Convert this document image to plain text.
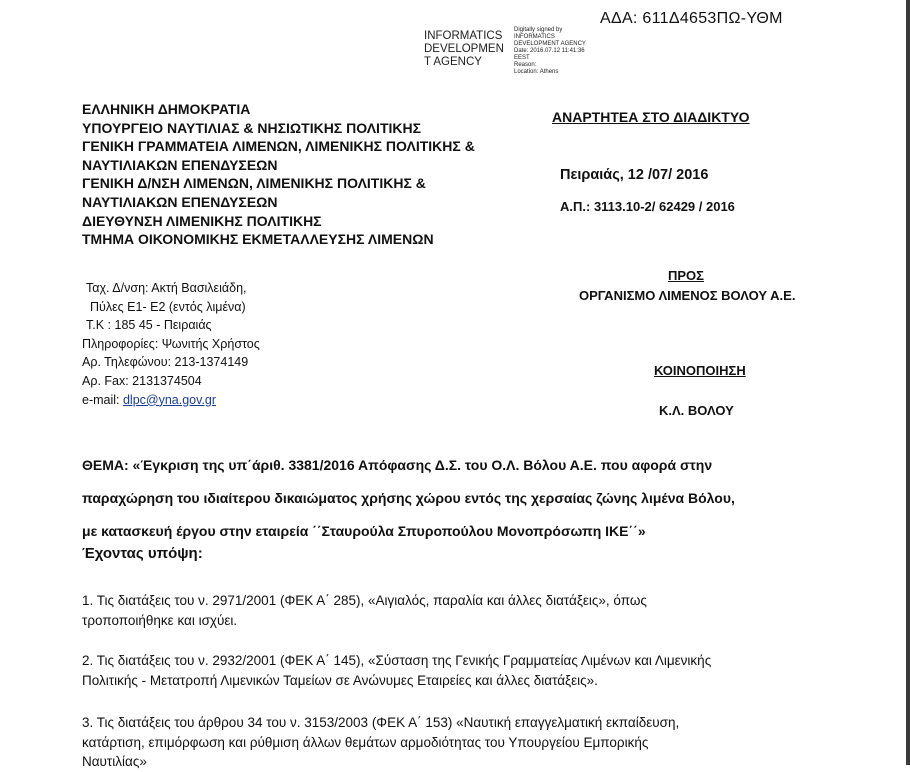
ΑΔΑ: 611Δ4653ΠΩ-ΥΘΜ
INFORMATICS
DEVELOPMEN
T AGENCY
Digitally signed by
INFORMATICS
DEVELOPMENT AGENCY
Date: 2016.07.12 11:41:36
EEST
Reason:
Location: Athens
ΕΛΛΗΝΙΚΗ ΔΗΜΟΚΡΑΤΙΑ
ΥΠΟΥΡΓΕΙΟ ΝΑΥΤΙΛΙΑΣ & ΝΗΣΙΩΤΙΚΗΣ ΠΟΛΙΤΙΚΗΣ
ΓΕΝΙΚΗ ΓΡΑΜΜΑΤΕΙΑ ΛΙΜΕΝΩΝ, ΛΙΜΕΝΙΚΗΣ ΠΟΛΙΤΙΚΗΣ &
ΝΑΥΤΙΛΙΑΚΩΝ ΕΠΕΝΔΥΣΕΩΝ
ΓΕΝΙΚΗ Δ/ΝΣΗ ΛΙΜΕΝΩΝ, ΛΙΜΕΝΙΚΗΣ ΠΟΛΙΤΙΚΗΣ &
ΝΑΥΤΙΛΙΑΚΩΝ ΕΠΕΝΔΥΣΕΩΝ
ΔΙΕΥΘΥΝΣΗ ΛΙΜΕΝΙΚΗΣ ΠΟΛΙΤΙΚΗΣ
ΤΜΗΜΑ ΟΙΚΟΝΟΜΙΚΗΣ ΕΚΜΕΤΑΛΛΕΥΣΗΣ ΛΙΜΕΝΩΝ
Ταχ. Δ/νση: Ακτή Βασιλειάδη,
Πύλες Ε1- Ε2 (εντός λιμένα)
Τ.Κ : 185 45 - Πειραιάς
Πληροφορίες: Ψωνιτής Χρήστος
Αρ. Τηλεφώνου: 213-1374149
Αρ. Fax: 2131374504
e-mail: dlpc@yna.gov.gr
ΑΝΑΡΤΗΤΕΑ ΣΤΟ ΔΙΑΔΙΚΤΥΟ
Πειραιάς, 12 /07/ 2016
Α.Π.: 3113.10-2/ 62429 / 2016
ΠΡΟΣ
ΟΡΓΑΝΙΣΜΟ ΛΙΜΕΝΟΣ ΒΟΛΟΥ Α.Ε.
ΚΟΙΝΟΠΟΙΗΣΗ
Κ.Λ. ΒΟΛΟΥ
ΘΕΜΑ: «Έγκριση της υπ΄άριθ. 3381/2016 Απόφασης Δ.Σ. του Ο.Λ. Βόλου Α.Ε. που αφορά στην
παραχώρηση του ιδιαίτερου δικαιώματος χρήσης χώρου εντός της χερσαίας ζώνης λιμένα Βόλου,
με κατασκευή έργου στην εταιρεία ΄΄Σταυρούλα Σπυροπούλου Μονοπρόσωπη ΙΚΕ΄΄»
Έχοντας υπόψη:
1. Τις διατάξεις του ν. 2971/2001 (ΦΕΚ Α΄ 285), «Αιγιαλός, παραλία και άλλες διατάξεις», όπως
τροποποιήθηκε και ισχύει.
2. Τις διατάξεις του ν. 2932/2001 (ΦΕΚ Α΄ 145), «Σύσταση της Γενικής Γραμματείας Λιμένων και Λιμενικής
Πολιτικής - Μετατροπή Λιμενικών Ταμείων σε Ανώνυμες Εταιρείες και άλλες διατάξεις».
3. Τις διατάξεις του άρθρου 34 του ν. 3153/2003 (ΦΕΚ Α΄ 153) «Ναυτική επαγγελματική εκπαίδευση,
κατάρτιση, επιμόρφωση και ρύθμιση άλλων θεμάτων αρμοδιότητας του Υπουργείου Εμπορικής
Ναυτιλίας»
